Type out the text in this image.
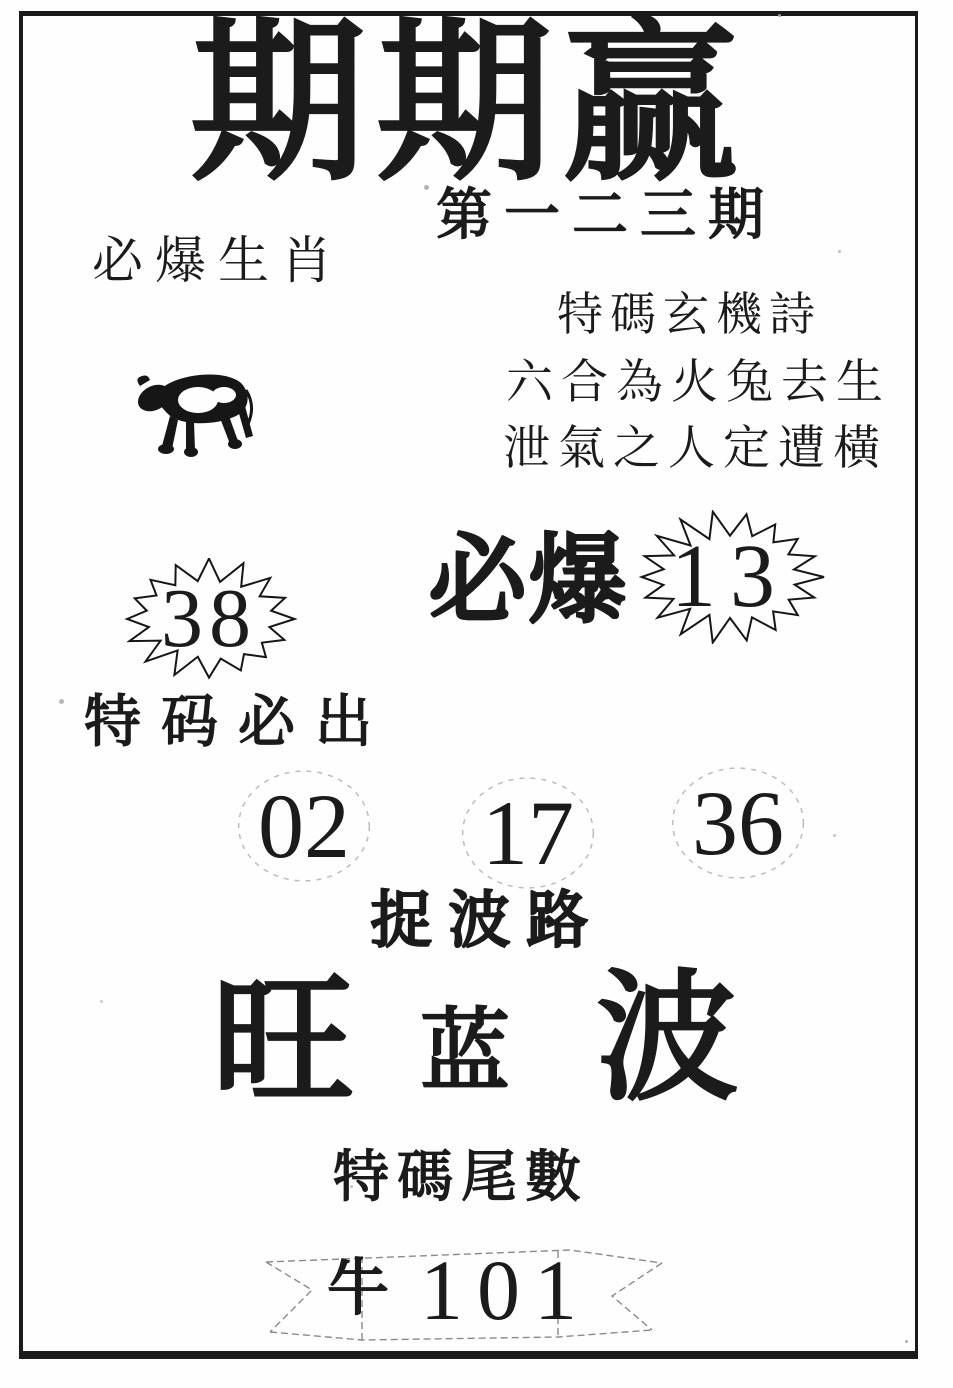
期期赢
第一二三期
必爆生肖
特碼玄機詩
六合為火兔去生
泄氣之人定遭橫
38 必爆 13
特码必出
02 17 36
捉波路
旺 蓝 波
特碼尾數
牛 101
